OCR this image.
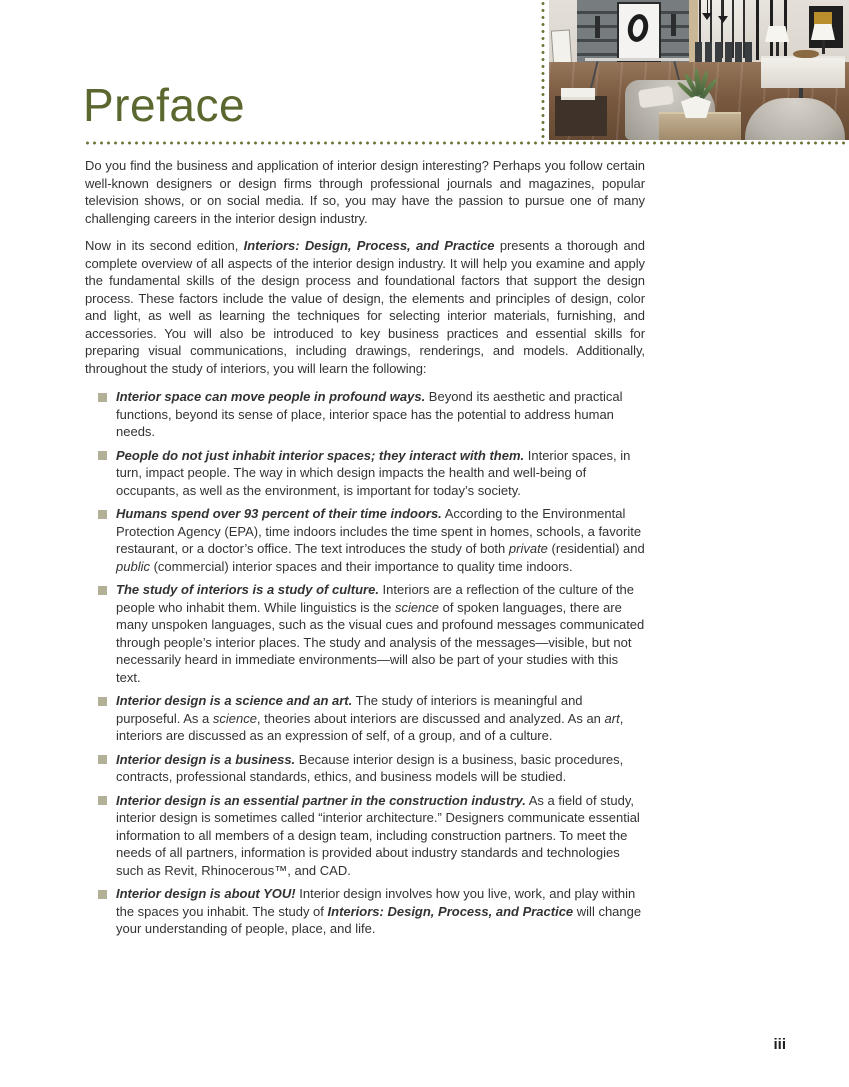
Preface

Do you find the business and application of interior design interesting? Perhaps you follow certain well-known designers or design firms through professional journals and magazines, popular television shows, or on social media. If so, you may have the passion to pursue one of many challenging careers in the interior design industry.

Now in its second edition, Interiors: Design, Process, and Practice presents a thorough and complete overview of all aspects of the interior design industry. It will help you examine and apply the fundamental skills of the design process and foundational factors that support the design process. These factors include the value of design, the elements and principles of design, color and light, as well as learning the techniques for selecting interior materials, furnishing, and accessories. You will also be introduced to key business practices and essential skills for preparing visual communications, including drawings, renderings, and models. Additionally, throughout the study of interiors, you will learn the following:

Interior space can move people in profound ways. Beyond its aesthetic and practical functions, beyond its sense of place, interior space has the potential to address human needs.
People do not just inhabit interior spaces; they interact with them. Interior spaces, in turn, impact people. The way in which design impacts the health and well-being of occupants, as well as the environment, is important for today’s society.
Humans spend over 93 percent of their time indoors. According to the Environmental Protection Agency (EPA), time indoors includes the time spent in homes, schools, a favorite restaurant, or a doctor’s office. The text introduces the study of both private (residential) and public (commercial) interior spaces and their importance to quality time indoors.
The study of interiors is a study of culture. Interiors are a reflection of the culture of the people who inhabit them. While linguistics is the science of spoken languages, there are many unspoken languages, such as the visual cues and profound messages communicated through people’s interior places. The study and analysis of the messages—visible, but not necessarily heard in immediate environments—will also be part of your studies with this text.
Interior design is a science and an art. The study of interiors is meaningful and purposeful. As a science, theories about interiors are discussed and analyzed. As an art, interiors are discussed as an expression of self, of a group, and of a culture.
Interior design is a business. Because interior design is a business, basic procedures, contracts, professional standards, ethics, and business models will be studied.
Interior design is an essential partner in the construction industry. As a field of study, interior design is sometimes called “interior architecture.” Designers communicate essential information to all members of a design team, including construction partners. To meet the needs of all partners, information is provided about industry standards and technologies such as Revit, Rhinocerous™, and CAD.
Interior design is about YOU! Interior design involves how you live, work, and play within the spaces you inhabit. The study of Interiors: Design, Process, and Practice will change your understanding of people, place, and life.
iii
